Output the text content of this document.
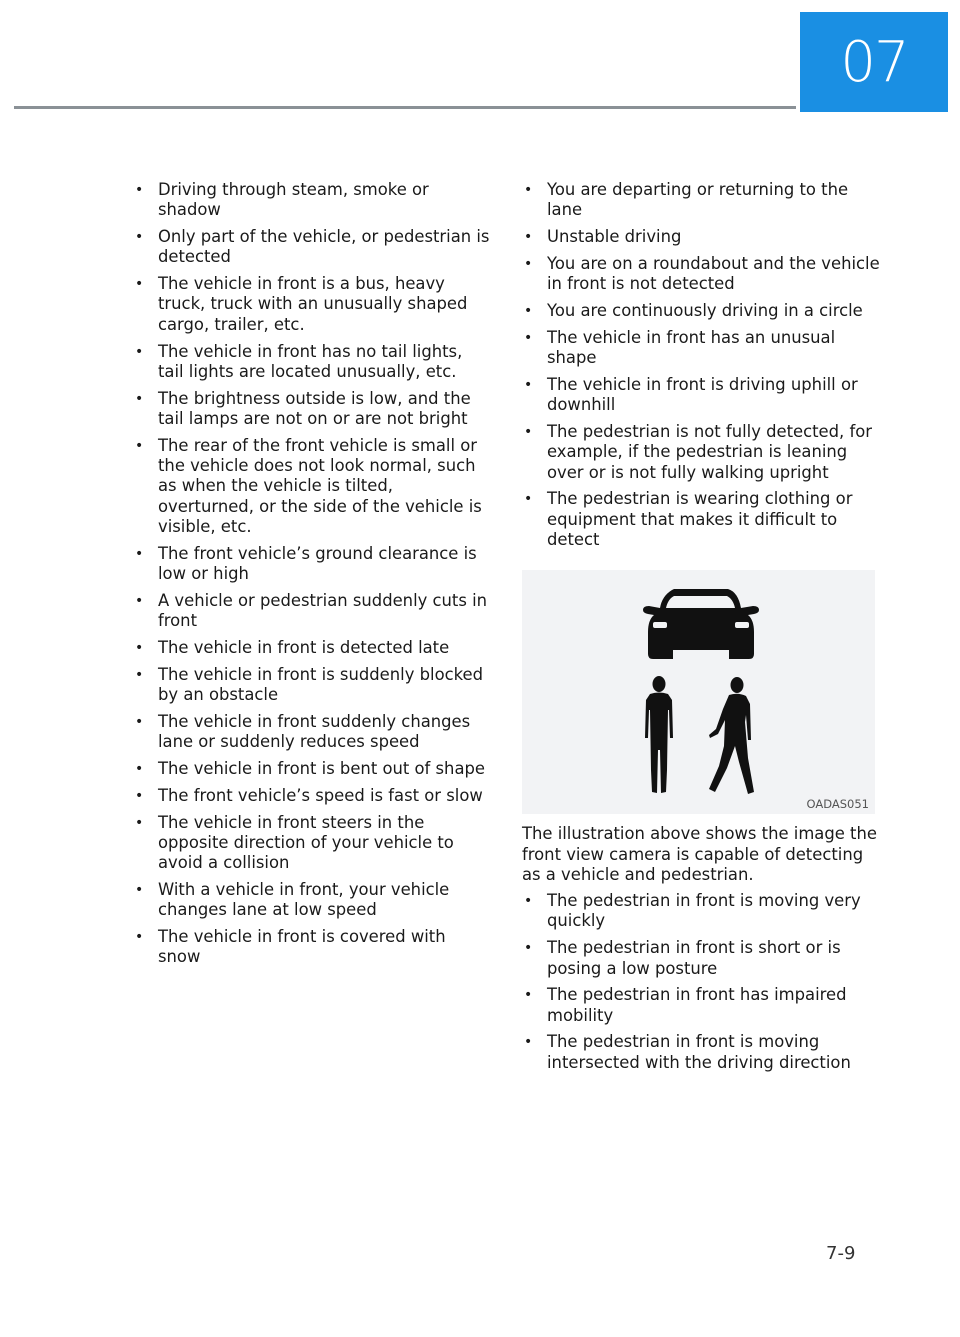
07
• Driving through steam, smoke or shadow
• Only part of the vehicle, or pedestrian is detected
• The vehicle in front is a bus, heavy truck, truck with an unusually shaped cargo, trailer, etc.
• The vehicle in front has no tail lights, tail lights are located unusually, etc.
• The brightness outside is low, and the tail lamps are not on or are not bright
• The rear of the front vehicle is small or the vehicle does not look normal, such as when the vehicle is tilted, overturned, or the side of the vehicle is visible, etc.
• The front vehicle’s ground clearance is low or high
• A vehicle or pedestrian suddenly cuts in front
• The vehicle in front is detected late
• The vehicle in front is suddenly blocked by an obstacle
• The vehicle in front suddenly changes lane or suddenly reduces speed
• The vehicle in front is bent out of shape
• The front vehicle’s speed is fast or slow
• The vehicle in front steers in the opposite direction of your vehicle to avoid a collision
• With a vehicle in front, your vehicle changes lane at low speed
• The vehicle in front is covered with snow
• You are departing or returning to the lane
• Unstable driving
• You are on a roundabout and the vehicle in front is not detected
• You are continuously driving in a circle
• The vehicle in front has an unusual shape
• The vehicle in front is driving uphill or downhill
• The pedestrian is not fully detected, for example, if the pedestrian is leaning over or is not fully walking upright
• The pedestrian is wearing clothing or equipment that makes it difficult to detect
OADAS051

The illustration above shows the image the front view camera is capable of detecting as a vehicle and pedestrian.

• The pedestrian in front is moving very quickly
• The pedestrian in front is short or is posing a low posture
• The pedestrian in front has impaired mobility
• The pedestrian in front is moving intersected with the driving direction
7-9
